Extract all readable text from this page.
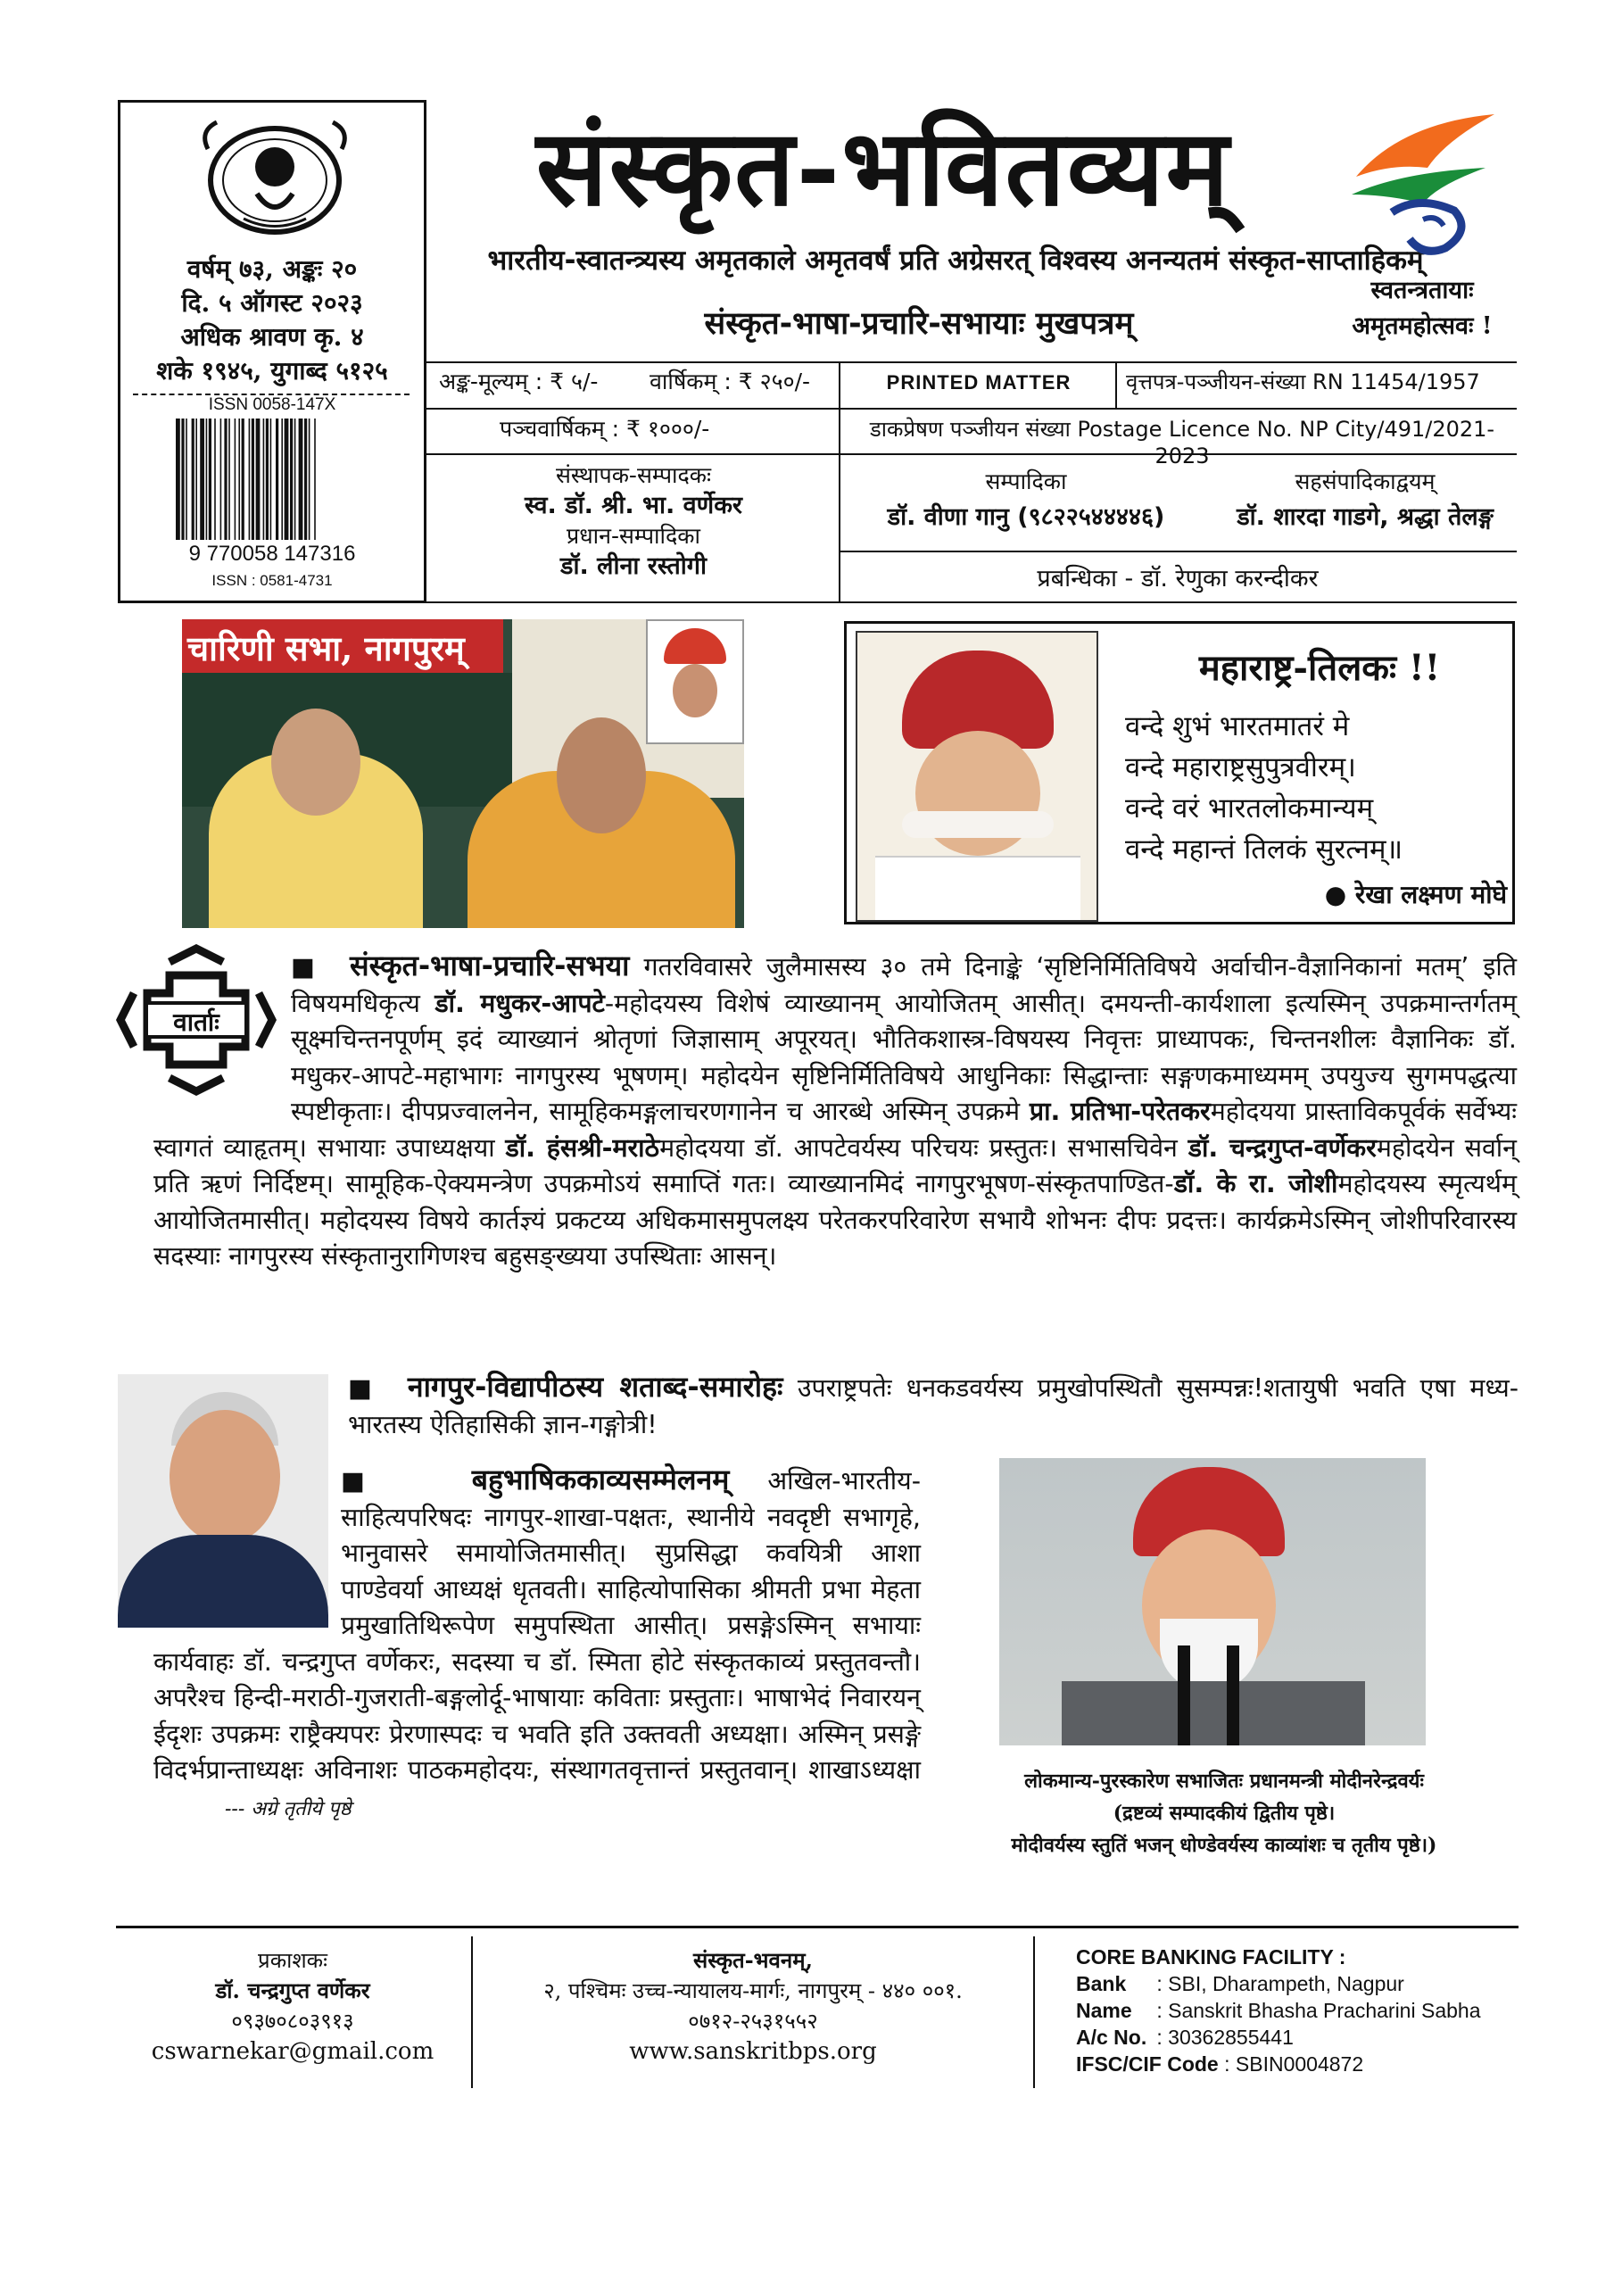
वर्षम् ७३, अङ्कः २०
दि. ५ ऑगस्ट २०२३
अधिक श्रावण कृ. ४
शके १९४५, युगाब्द ५१२५
ISSN 0058-147X
9 770058 147316
ISSN : 0581-4731
संस्कृत-भवितव्यम्
भारतीय-स्वातन्त्र्यस्य अमृतकाले अमृतवर्षं प्रति अग्रेसरत् विश्वस्य अनन्यतमं संस्कृत-साप्ताहिकम्
संस्कृत-भाषा-प्रचारि-सभायाः मुखपत्रम्
स्वतन्त्रतायाः
अमृतमहोत्सवः !
अङ्क-मूल्यम् : ₹ ५/-	वार्षिकम् : ₹ २५०/-
पञ्चवार्षिकम् : ₹ १०००/-
PRINTED MATTER	वृत्तपत्र-पञ्जीयन-संख्या RN 11454/1957
डाकप्रेषण पञ्जीयन संख्या Postage Licence No. NP City/491/2021-2023
संस्थापक-सम्पादकः
स्व. डॉ. श्री. भा. वर्णेकर
प्रधान-सम्पादिका
डॉ. लीना रस्तोगी
सम्पादिका
डॉ. वीणा गानु (९८२२५४४४४६)
सहसंपादिकाद्वयम्
डॉ. शारदा गाडगे, श्रद्धा तेलङ्ग
प्रबन्धिका - डॉ. रेणुका करन्दीकर
चारिणी सभा, नागपुरम्	महाराष्ट्र-तिलकः !!
वन्दे शुभं भारतमातरं मे
वन्दे महाराष्ट्रसुपुत्रवीरम्।
वन्दे वरं भारतलोकमान्यम्
वन्दे महान्तं तिलकं सुरत्नम्॥
● रेखा लक्ष्मण मोघे
वार्ताः
■ संस्कृत-भाषा-प्रचारि-सभया गतरविवासरे जुलैमासस्य ३० तमे दिनाङ्के ‘सृष्टिनिर्मितिविषये अर्वाचीन-वैज्ञानिकानां मतम्’ इति विषयमधिकृत्य डॉ. मधुकर-आपटे-महोदयस्य विशेषं व्याख्यानम् आयोजितम् आसीत्। दमयन्ती-कार्यशाला इत्यस्मिन् उपक्रमान्तर्गतम् सूक्ष्मचिन्तनपूर्णम् इदं व्याख्यानं श्रोतृणां जिज्ञासाम् अपूरयत्। भौतिकशास्त्र-विषयस्य निवृत्तः प्राध्यापकः, चिन्तनशीलः वैज्ञानिकः डॉ. मधुकर-आपटे-महाभागः नागपुरस्य भूषणम्। महोदयेन सृष्टिनिर्मितिविषये आधुनिकाः सिद्धान्ताः सङ्गणकमाध्यमम् उपयुज्य सुगमपद्धत्या स्पष्टीकृताः। दीपप्रज्वालनेन, सामूहिकमङ्गलाचरणगानेन च आरब्धे अस्मिन् उपक्रमे प्रा. प्रतिभा-परेतकरमहोदयया प्रास्ताविकपूर्वकं सर्वेभ्यः स्वागतं व्याहृतम्। सभायाः उपाध्यक्षया डॉ. हंसश्री-मराठेमहोदयया डॉ. आपटेवर्यस्य परिचयः प्रस्तुतः। सभासचिवेन डॉ. चन्द्रगुप्त-वर्णेकरमहोदयेन सर्वान् प्रति ऋणं निर्दिष्टम्। सामूहिक-ऐक्यमन्त्रेण उपक्रमोऽयं समाप्तिं गतः। व्याख्यानमिदं नागपुरभूषण-संस्कृतपाण्डित-डॉ. के रा. जोशीमहोदयस्य स्मृत्यर्थम् आयोजितमासीत्। महोदयस्य विषये कार्तज्ञ्यं प्रकटय्य अधिकमासमुपलक्ष्य परेतकरपरिवारेण सभायै शोभनः दीपः प्रदत्तः। कार्यक्रमेऽस्मिन् जोशीपरिवारस्य सदस्याः नागपुरस्य संस्कृतानुरागिणश्च बहुसङ्ख्यया उपस्थिताः आसन्।
■ नागपुर-विद्यापीठस्य शताब्द-समारोहः उपराष्ट्रपतेः धनकडवर्यस्य प्रमुखोपस्थितौ सुसम्पन्नः!शतायुषी भवति एषा मध्य-भारतस्य ऐतिहासिकी ज्ञान-गङ्गोत्री!
■	बहुभाषिककाव्यसम्मेलनम् अखिल-भारतीय-साहित्यपरिषदः नागपुर-शाखा-पक्षतः, स्थानीये नवदृष्टी सभागृहे, भानुवासरे समायोजितमासीत्। सुप्रसिद्धा कवयित्री आशा पाण्डेवर्या आध्यक्षं धृतवती। साहित्योपासिका श्रीमती प्रभा मेहता प्रमुखातिथिरूपेण समुपस्थिता आसीत्। प्रसङ्गेऽस्मिन् सभायाः कार्यवाहः डॉ. चन्द्रगुप्त वर्णेकरः, सदस्या च डॉ. स्मिता होटे संस्कृतकाव्यं प्रस्तुतवन्तौ। अपरैश्च हिन्दी-मराठी-गुजराती-बङ्गलोर्दू-भाषायाः कविताः प्रस्तुताः। भाषाभेदं निवारयन् ईदृशः उपक्रमः राष्ट्रैक्यपरः प्रेरणास्पदः च भवति इति उक्तवती अध्यक्षा। अस्मिन् प्रसङ्गे विदर्भप्रान्ताध्यक्षः अविनाशः पाठकमहोदयः, संस्थागतवृत्तान्तं प्रस्तुतवान्। शाखाऽध्यक्षा --- अग्रे तृतीये पृष्ठे
लोकमान्य-पुरस्कारेण सभाजितः प्रधानमन्त्री मोदीनरेन्द्रवर्यः
(द्रष्टव्यं सम्पादकीयं द्वितीय पृष्ठे।
मोदीवर्यस्य स्तुतिं भजन् धोण्डेवर्यस्य काव्यांशः च तृतीय पृष्ठे।)
प्रकाशकः
डॉ. चन्द्रगुप्त वर्णेकर
०९३७०८०३९१३
cswarnekar@gmail.com
संस्कृत-भवनम्,
२, पश्चिमः उच्च-न्यायालय-मार्गः, नागपुरम् - ४४० ००१.
०७१२-२५३१५५२
www.sanskritbps.org
CORE BANKING FACILITY :
Bank : SBI, Dharampeth, Nagpur
Name : Sanskrit Bhasha Pracharini Sabha
A/c No. : 30362855441
IFSC/CIF Code : SBIN0004872
